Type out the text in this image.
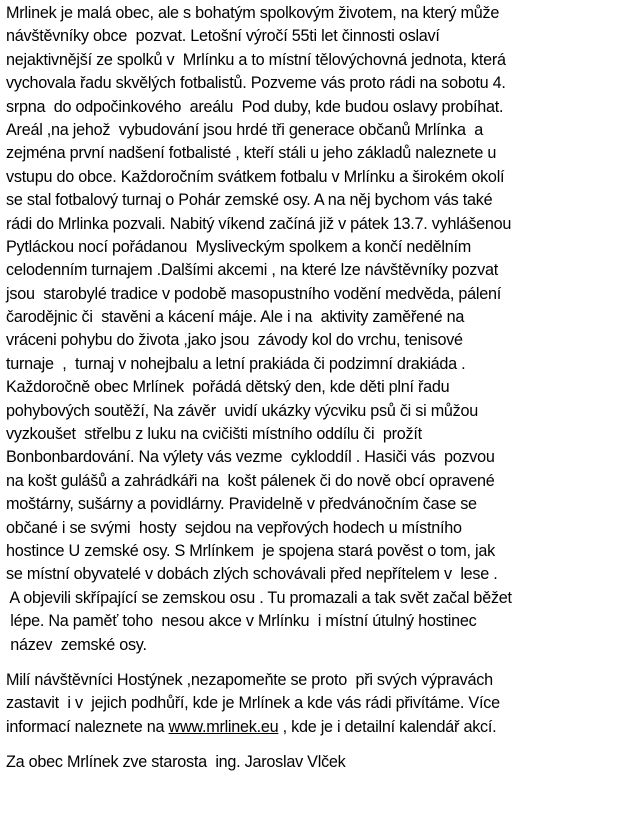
Mrlinek je malá obec, ale s bohatým spolkovým životem, na který může
návštěvníky obce  pozvat. Letošní výročí 55ti let činnosti oslaví
nejaktivnější ze spolků v  Mrlínku a to místní tělovýchovná jednota, která
vychovala řadu skvělých fotbalistů. Pozveme vás proto rádi na sobotu 4.
srpna  do odpočinkového  areálu  Pod duby, kde budou oslavy probíhat.
Areál ,na jehož  vybudování jsou hrdé tři generace občanů Mrlínka  a
zejména první nadšení fotbalisté , kteří stáli u jeho základů naleznete u
vstupu do obce. Každoročním svátkem fotbalu v Mrlínku a širokém okolí
se stal fotbalový turnaj o Pohár zemské osy. A na něj bychom vás také
rádi do Mrlinka pozvali. Nabitý víkend začíná již v pátek 13.7. vyhlášenou
Pytláckou nocí pořádanou  Mysliveckým spolkem a končí nedělním
celodenním turnajem .Dalšími akcemi , na které lze návštěvníky pozvat
jsou  starobylé tradice v podobě masopustního vodění medvěda, pálení
čarodějnic či  stavěni a kácení máje. Ale i na  aktivity zaměřené na
vráceni pohybu do života ,jako jsou  závody kol do vrchu, tenisové
turnaje  ,  turnaj v nohejbalu a letní prakiáda či podzimní drakiáda .
Každoročně obec Mrlínek  pořádá dětský den, kde děti plní řadu
pohybových soutěží, Na závěr  uvidí ukázky výcviku psů či si můžou
vyzkoušet  střelbu z luku na cvičišti místního oddílu či  prožít
Bonbonbardování. Na výlety vás vezme  cykloddíl . Hasiči vás  pozvou
na košt gulášů a zahrádkáři na  košt pálenek či do nově obcí opravené
moštárny, sušárny a povidlárny. Pravidelně v předvánočním čase se
občané i se svými  hosty  sejdou na vepřových hodech u místního
hostince U zemské osy. S Mrlínkem  je spojena stará pověst o tom, jak
se místní obyvatelé v dobách zlých schovávali před nepřítelem v  lese .
A objevili skřípající se zemskou osu . Tu promazali a tak svět začal běžet
lépe. Na paměť toho  nesou akce v Mrlínku  i místní útulný hostinec
název  zemské osy.
Milí návštěvníci Hostýnek ,nezapomeňte se proto  při svých výpravách
zastavit  i v  jejich podhůří, kde je Mrlínek a kde vás rádi přivítáme. Více
informací naleznete na www.mrlinek.eu , kde je i detailní kalendář akcí.
Za obec Mrlínek zve starosta  ing. Jaroslav Vlček
